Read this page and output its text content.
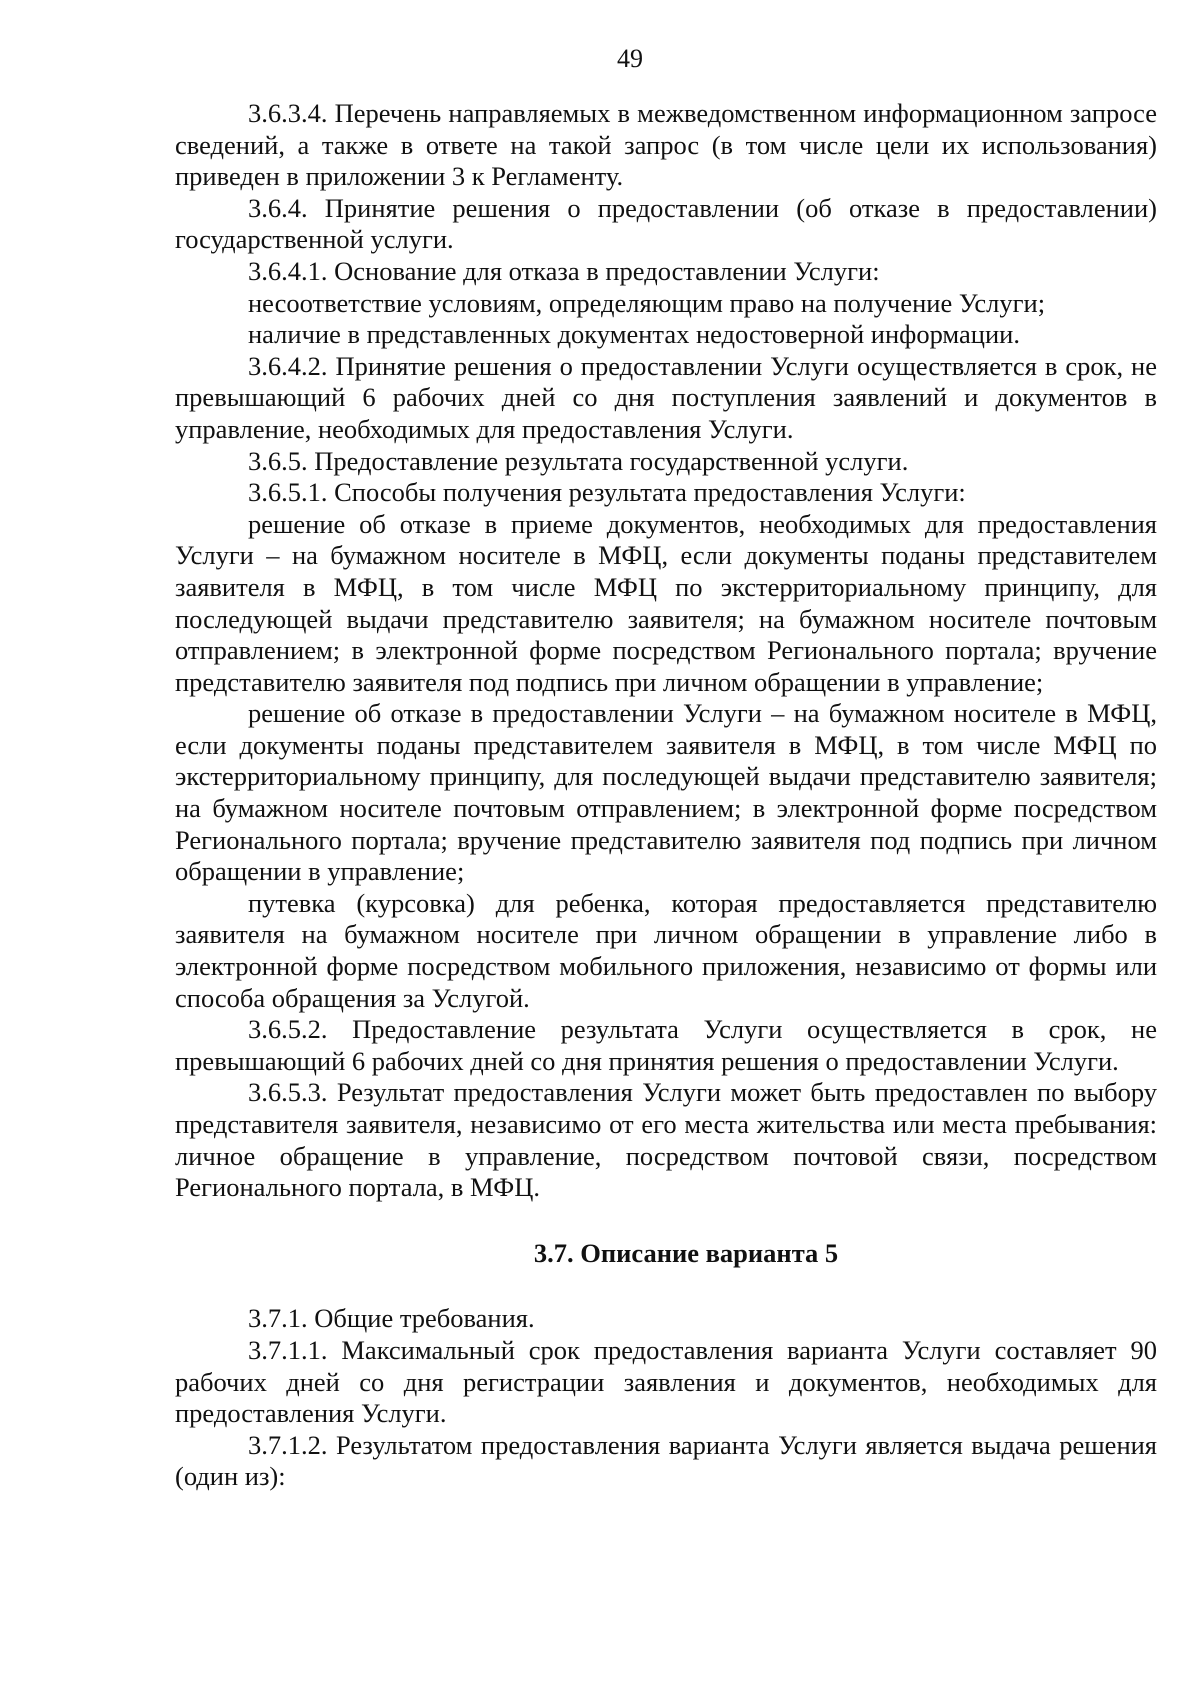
49

3.6.3.4. Перечень направляемых в межведомственном информационном запросе сведений, а также в ответе на такой запрос (в том числе цели их использования) приведен в приложении 3 к Регламенту.

3.6.4. Принятие решения о предоставлении (об отказе в предоставлении) государственной услуги.

3.6.4.1. Основание для отказа в предоставлении Услуги:

несоответствие условиям, определяющим право на получение Услуги;

наличие в представленных документах недостоверной информации.

3.6.4.2. Принятие решения о предоставлении Услуги осуществляется в срок, не превышающий 6 рабочих дней со дня поступления заявлений и документов в управление, необходимых для предоставления Услуги.

3.6.5. Предоставление результата государственной услуги.

3.6.5.1. Способы получения результата предоставления Услуги:

решение об отказе в приеме документов, необходимых для предоставления Услуги – на бумажном носителе в МФЦ, если документы поданы представителем заявителя в МФЦ, в том числе МФЦ по экстерриториальному принципу, для последующей выдачи представителю заявителя; на бумажном носителе почтовым отправлением; в электронной форме посредством Регионального портала; вручение представителю заявителя под подпись при личном обращении в управление;

решение об отказе в предоставлении Услуги – на бумажном носителе в МФЦ, если документы поданы представителем заявителя в МФЦ, в том числе МФЦ по экстерриториальному принципу, для последующей выдачи представителю заявителя; на бумажном носителе почтовым отправлением; в электронной форме посредством Регионального портала; вручение представителю заявителя под подпись при личном обращении в управление;

путевка (курсовка) для ребенка, которая предоставляется представителю заявителя на бумажном носителе при личном обращении в управление либо в электронной форме посредством мобильного приложения, независимо от формы или способа обращения за Услугой.

3.6.5.2. Предоставление результата Услуги осуществляется в срок, не превышающий 6 рабочих дней со дня принятия решения о предоставлении Услуги.

3.6.5.3. Результат предоставления Услуги может быть предоставлен по выбору представителя заявителя, независимо от его места жительства или места пребывания: личное обращение в управление, посредством почтовой связи, посредством Регионального портала, в МФЦ.

3.7. Описание варианта 5

3.7.1. Общие требования.

3.7.1.1. Максимальный срок предоставления варианта Услуги составляет 90 рабочих дней со дня регистрации заявления и документов, необходимых для предоставления Услуги.

3.7.1.2. Результатом предоставления варианта Услуги является выдача решения (один из):
